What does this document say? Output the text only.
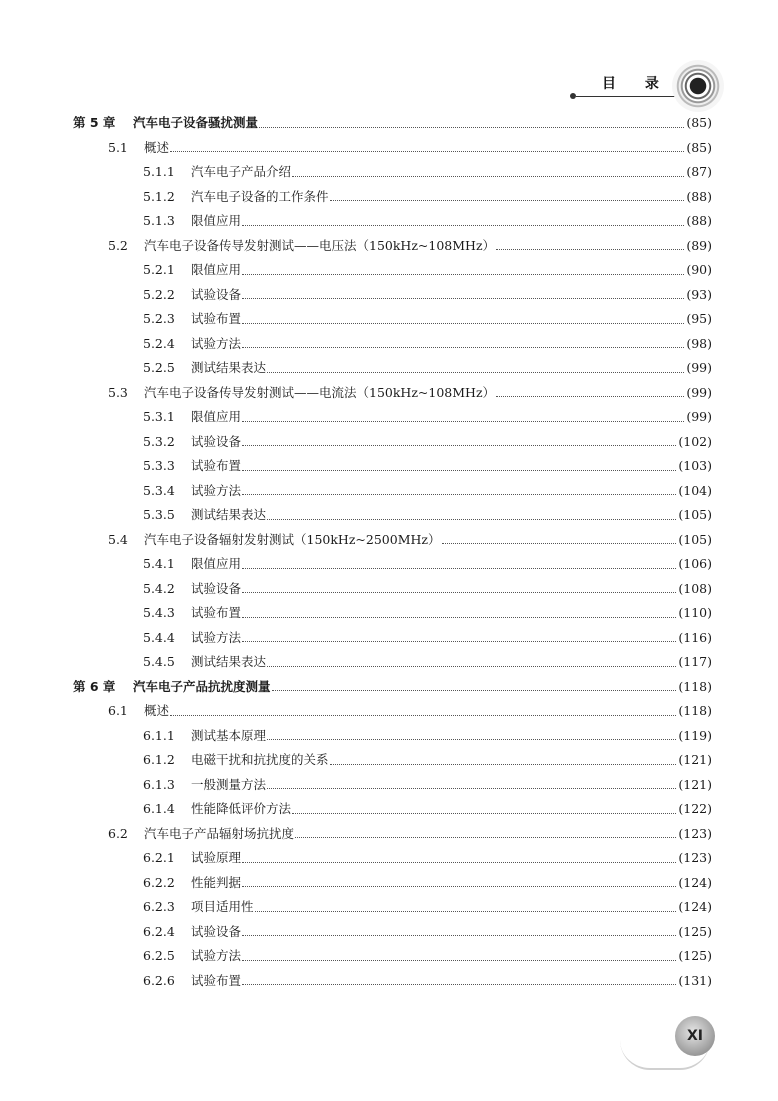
目 录
第 5 章	汽车电子设备骚扰测量	( 85 )
5.1	概述	( 85 )
5.1.1	汽车电子产品介绍	( 87 )
5.1.2	汽车电子设备的工作条件	( 88 )
5.1.3	限值应用	( 88 )
5.2	汽车电子设备传导发射测试——电压法（150kHz~108MHz）	( 89 )
5.2.1	限值应用	( 90 )
5.2.2	试验设备	( 93 )
5.2.3	试验布置	( 95 )
5.2.4	试验方法	( 98 )
5.2.5	测试结果表达	( 99 )
5.3	汽车电子设备传导发射测试——电流法（150kHz~108MHz）	( 99 )
5.3.1	限值应用	( 99 )
5.3.2	试验设备	( 102 )
5.3.3	试验布置	( 103 )
5.3.4	试验方法	( 104 )
5.3.5	测试结果表达	( 105 )
5.4	汽车电子设备辐射发射测试（150kHz~2500MHz）	( 105 )
5.4.1	限值应用	( 106 )
5.4.2	试验设备	( 108 )
5.4.3	试验布置	( 110 )
5.4.4	试验方法	( 116 )
5.4.5	测试结果表达	( 117 )
第 6 章	汽车电子产品抗扰度测量	( 118 )
6.1	概述	( 118 )
6.1.1	测试基本原理	( 119 )
6.1.2	电磁干扰和抗扰度的关系	( 121 )
6.1.3	一般测量方法	( 121 )
6.1.4	性能降低评价方法	( 122 )
6.2	汽车电子产品辐射场抗扰度	( 123 )
6.2.1	试验原理	( 123 )
6.2.2	性能判据	( 124 )
6.2.3	项目适用性	( 124 )
6.2.4	试验设备	( 125 )
6.2.5	试验方法	( 125 )
6.2.6	试验布置	( 131 )
XI
